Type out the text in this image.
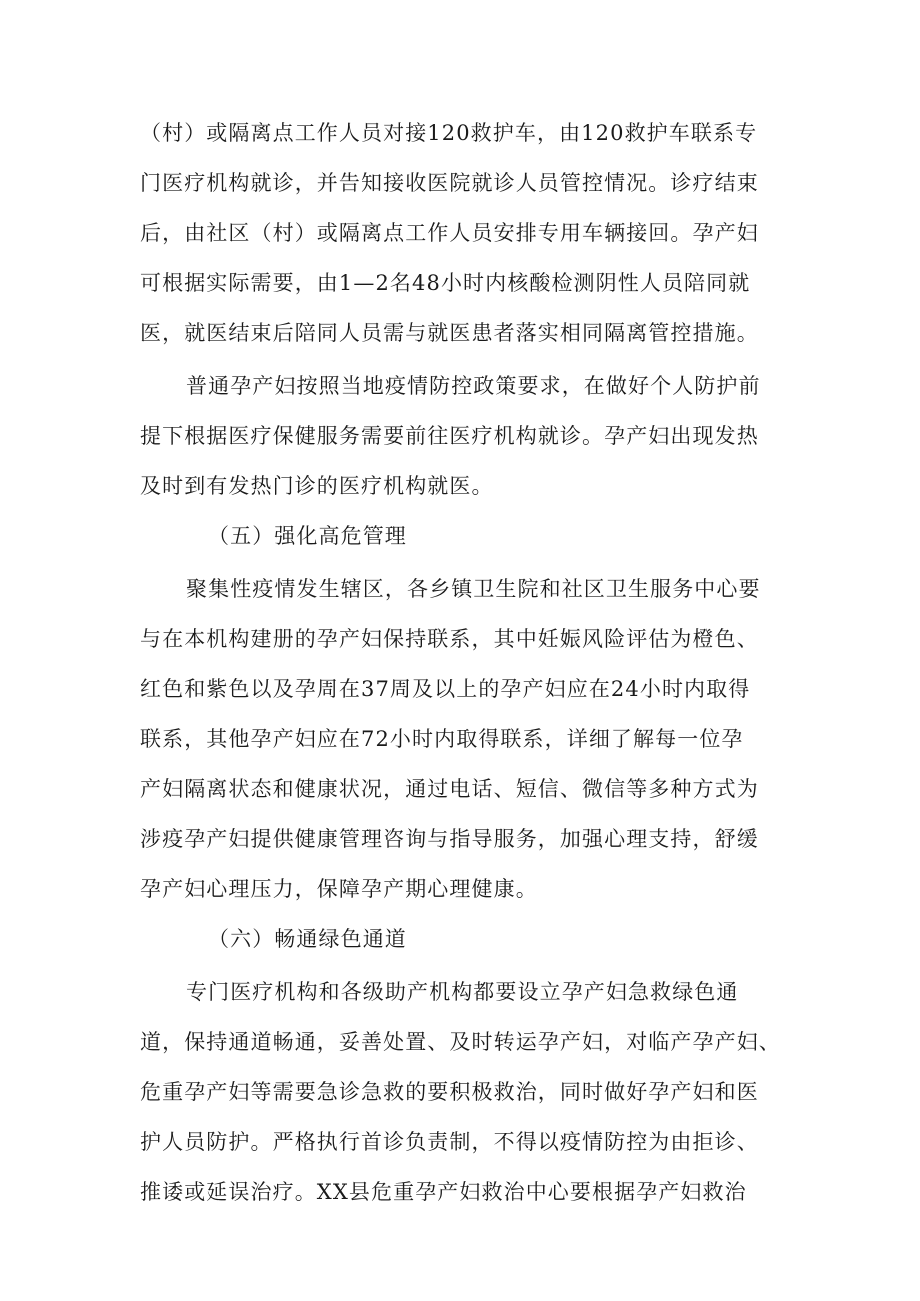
（村）或隔离点工作人员对接120救护车，由120救护车联系专
门医疗机构就诊，并告知接收医院就诊人员管控情况。诊疗结束
后，由社区（村）或隔离点工作人员安排专用车辆接回。孕产妇
可根据实际需要，由1—2名48小时内核酸检测阴性人员陪同就
医，就医结束后陪同人员需与就医患者落实相同隔离管控措施。
普通孕产妇按照当地疫情防控政策要求，在做好个人防护前
提下根据医疗保健服务需要前往医疗机构就诊。孕产妇出现发热
及时到有发热门诊的医疗机构就医。
（五）强化高危管理
聚集性疫情发生辖区，各乡镇卫生院和社区卫生服务中心要
与在本机构建册的孕产妇保持联系，其中妊娠风险评估为橙色、
红色和紫色以及孕周在37周及以上的孕产妇应在24小时内取得
联系，其他孕产妇应在72小时内取得联系，详细了解每一位孕
产妇隔离状态和健康状况，通过电话、短信、微信等多种方式为
涉疫孕产妇提供健康管理咨询与指导服务，加强心理支持，舒缓
孕产妇心理压力，保障孕产期心理健康。
（六）畅通绿色通道
专门医疗机构和各级助产机构都要设立孕产妇急救绿色通
道，保持通道畅通，妥善处置、及时转运孕产妇，对临产孕产妇、
危重孕产妇等需要急诊急救的要积极救治，同时做好孕产妇和医
护人员防护。严格执行首诊负责制，不得以疫情防控为由拒诊、
推诿或延误治疗。XX县危重孕产妇救治中心要根据孕产妇救治
